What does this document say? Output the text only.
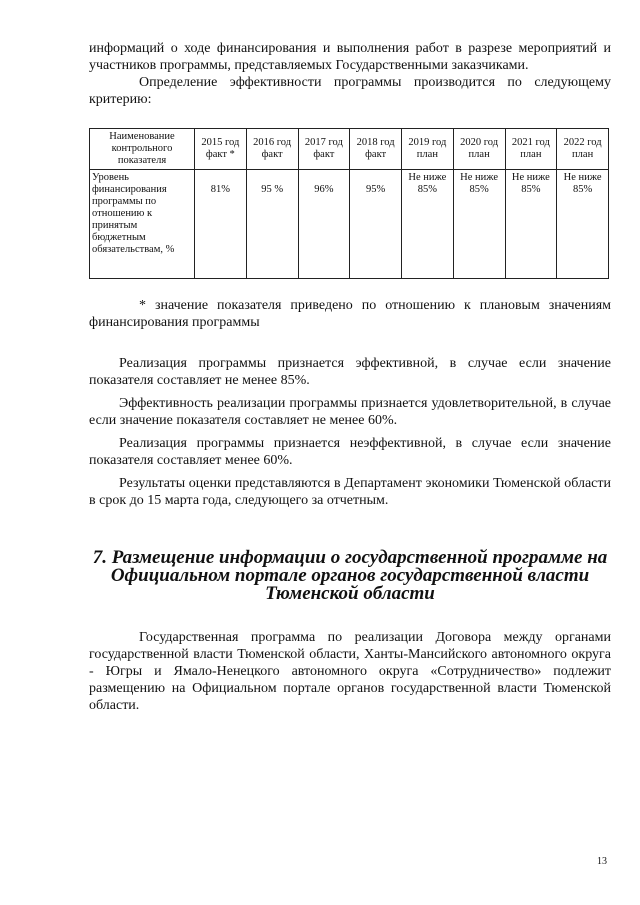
информаций о ходе финансирования и выполнения работ в разрезе мероприятий и участников программы, представляемых Государственными заказчиками.

Определение эффективности программы производится по следующему критерию:

Наименование контрольного показателя	2015 год факт *	2016 год факт	2017 год факт	2018 год факт	2019 год план	2020 год план	2021 год план	2022 год план
Уровень финансирования программы по отношению к принятым бюджетным обязательствам, %	81%	95 %	96%	95%	Не ниже 85%	Не ниже 85%	Не ниже 85%	Не ниже 85%

* значение показателя приведено по отношению к плановым значениям финансирования программы

Реализация программы признается эффективной, в случае если значение показателя составляет не менее 85%.

Эффективность реализации программы признается удовлетворительной, в случае если значение показателя составляет не менее 60%.

Реализация программы признается неэффективной, в случае если значение показателя составляет менее 60%.

Результаты оценки представляются в Департамент экономики Тюменской области в срок до 15 марта года, следующего за отчетным.

7. Размещение информации о государственной программе на Официальном портале органов государственной власти Тюменской области

Государственная программа по реализации Договора между органами государственной власти Тюменской области, Ханты-Мансийского автономного округа - Югры и Ямало-Ненецкого автономного округа «Сотрудничество» подлежит размещению на Официальном портале органов государственной власти Тюменской области.

13
